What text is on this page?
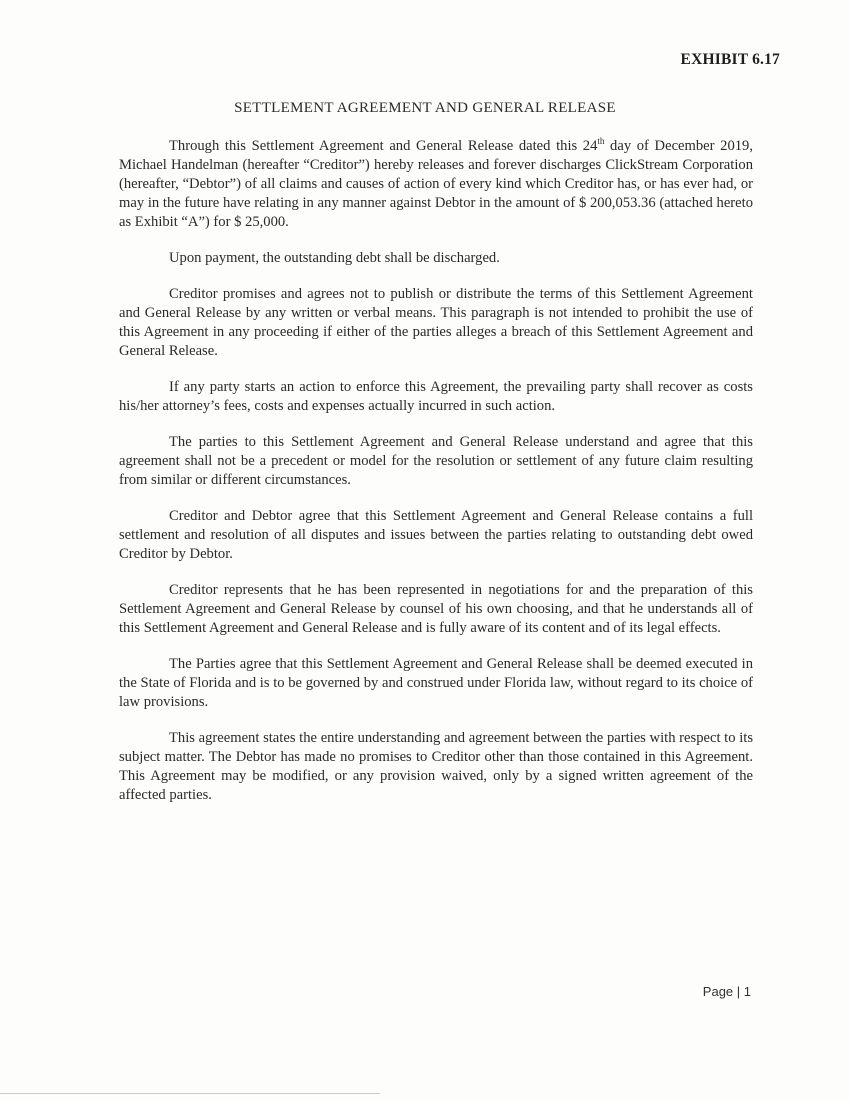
EXHIBIT 6.17
SETTLEMENT AGREEMENT AND GENERAL RELEASE

Through this Settlement Agreement and General Release dated this 24th day of December 2019, Michael Handelman (hereafter “Creditor”) hereby releases and forever discharges ClickStream Corporation (hereafter, “Debtor”) of all claims and causes of action of every kind which Creditor has, or has ever had, or may in the future have relating in any manner against Debtor in the amount of $ 200,053.36 (attached hereto as Exhibit “A”) for $ 25,000.

Upon payment, the outstanding debt shall be discharged.

Creditor promises and agrees not to publish or distribute the terms of this Settlement Agreement and General Release by any written or verbal means. This paragraph is not intended to prohibit the use of this Agreement in any proceeding if either of the parties alleges a breach of this Settlement Agreement and General Release.

If any party starts an action to enforce this Agreement, the prevailing party shall recover as costs his/her attorney’s fees, costs and expenses actually incurred in such action.

The parties to this Settlement Agreement and General Release understand and agree that this agreement shall not be a precedent or model for the resolution or settlement of any future claim resulting from similar or different circumstances.

Creditor and Debtor agree that this Settlement Agreement and General Release contains a full settlement and resolution of all disputes and issues between the parties relating to outstanding debt owed Creditor by Debtor.

Creditor represents that he has been represented in negotiations for and the preparation of this Settlement Agreement and General Release by counsel of his own choosing, and that he understands all of this Settlement Agreement and General Release and is fully aware of its content and of its legal effects.

The Parties agree that this Settlement Agreement and General Release shall be deemed executed in the State of Florida and is to be governed by and construed under Florida law, without regard to its choice of law provisions.

This agreement states the entire understanding and agreement between the parties with respect to its subject matter. The Debtor has made no promises to Creditor other than those contained in this Agreement. This Agreement may be modified, or any provision waived, only by a signed written agreement of the affected parties.

Page | 1
